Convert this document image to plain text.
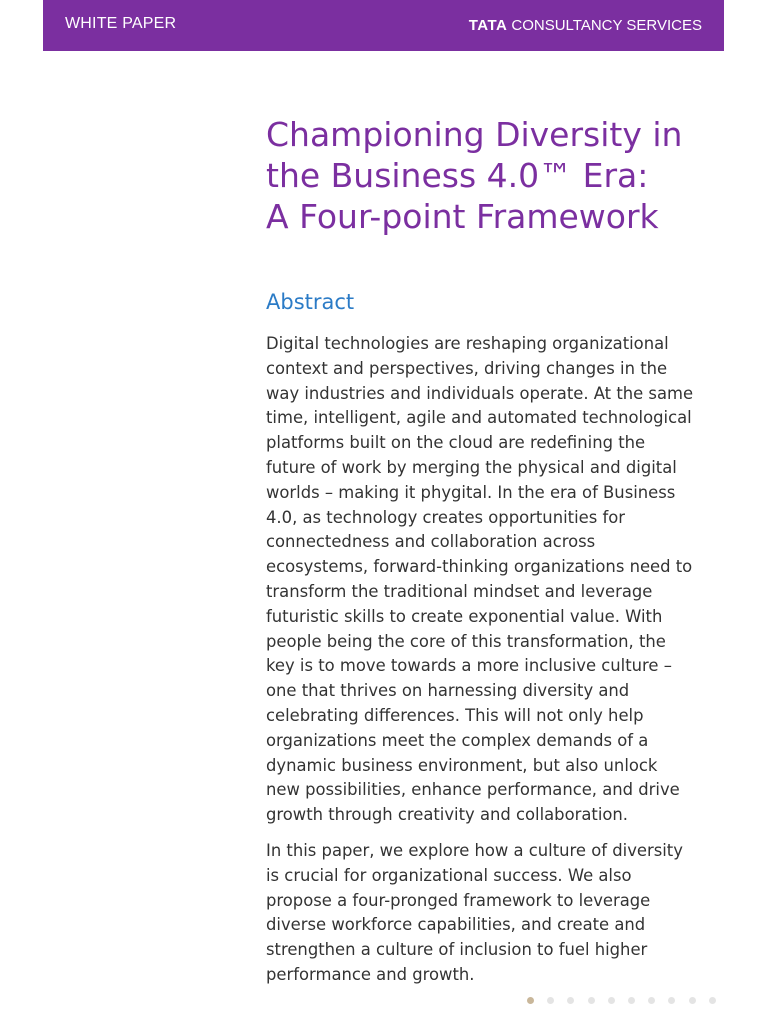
WHITE PAPER	TATA CONSULTANCY SERVICES
Championing Diversity in
the Business 4.0™ Era:
A Four-point Framework
Abstract

Digital technologies are reshaping organizational
context and perspectives, driving changes in the
way industries and individuals operate. At the same
time, intelligent, agile and automated technological
platforms built on the cloud are redefining the
future of work by merging the physical and digital
worlds – making it phygital. In the era of Business
4.0, as technology creates opportunities for
connectedness and collaboration across
ecosystems, forward-thinking organizations need to
transform the traditional mindset and leverage
futuristic skills to create exponential value. With
people being the core of this transformation, the
key is to move towards a more inclusive culture –
one that thrives on harnessing diversity and
celebrating differences. This will not only help
organizations meet the complex demands of a
dynamic business environment, but also unlock
new possibilities, enhance performance, and drive
growth through creativity and collaboration.

In this paper, we explore how a culture of diversity
is crucial for organizational success. We also
propose a four-pronged framework to leverage
diverse workforce capabilities, and create and
strengthen a culture of inclusion to fuel higher
performance and growth.
